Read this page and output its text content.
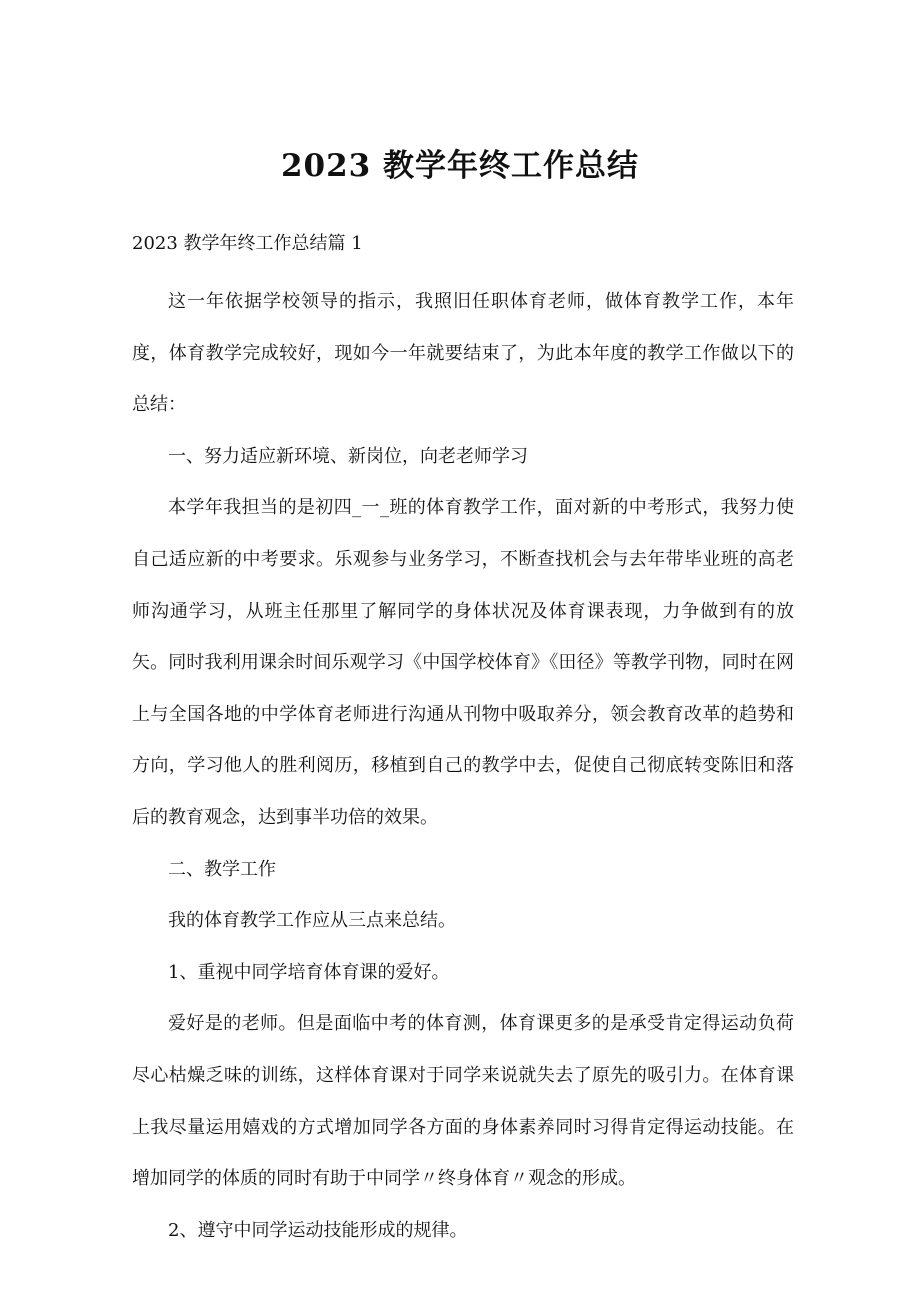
2023 教学年终工作总结

2023 教学年终工作总结篇 1

这一年依据学校领导的指示，我照旧任职体育老师，做体育教学工作，本年度，体育教学完成较好，现如今一年就要结束了，为此本年度的教学工作做以下的总结：

一、努力适应新环境、新岗位，向老老师学习

本学年我担当的是初四_一_班的体育教学工作，面对新的中考形式，我努力使自己适应新的中考要求。乐观参与业务学习，不断查找机会与去年带毕业班的高老师沟通学习，从班主任那里了解同学的身体状况及体育课表现，力争做到有的放矢。同时我利用课余时间乐观学习《中国学校体育》《田径》等教学刊物，同时在网上与全国各地的中学体育老师进行沟通从刊物中吸取养分，领会教育改革的趋势和方向，学习他人的胜利阅历，移植到自己的教学中去，促使自己彻底转变陈旧和落后的教育观念，达到事半功倍的效果。

二、教学工作

我的体育教学工作应从三点来总结。

1、重视中同学培育体育课的爱好。

爱好是的老师。但是面临中考的体育测，体育课更多的是承受肯定得运动负荷尽心枯燥乏味的训练，这样体育课对于同学来说就失去了原先的吸引力。在体育课上我尽量运用嬉戏的方式增加同学各方面的身体素养同时习得肯定得运动技能。在增加同学的体质的同时有助于中同学〃终身体育〃观念的形成。

2、遵守中同学运动技能形成的规律。
